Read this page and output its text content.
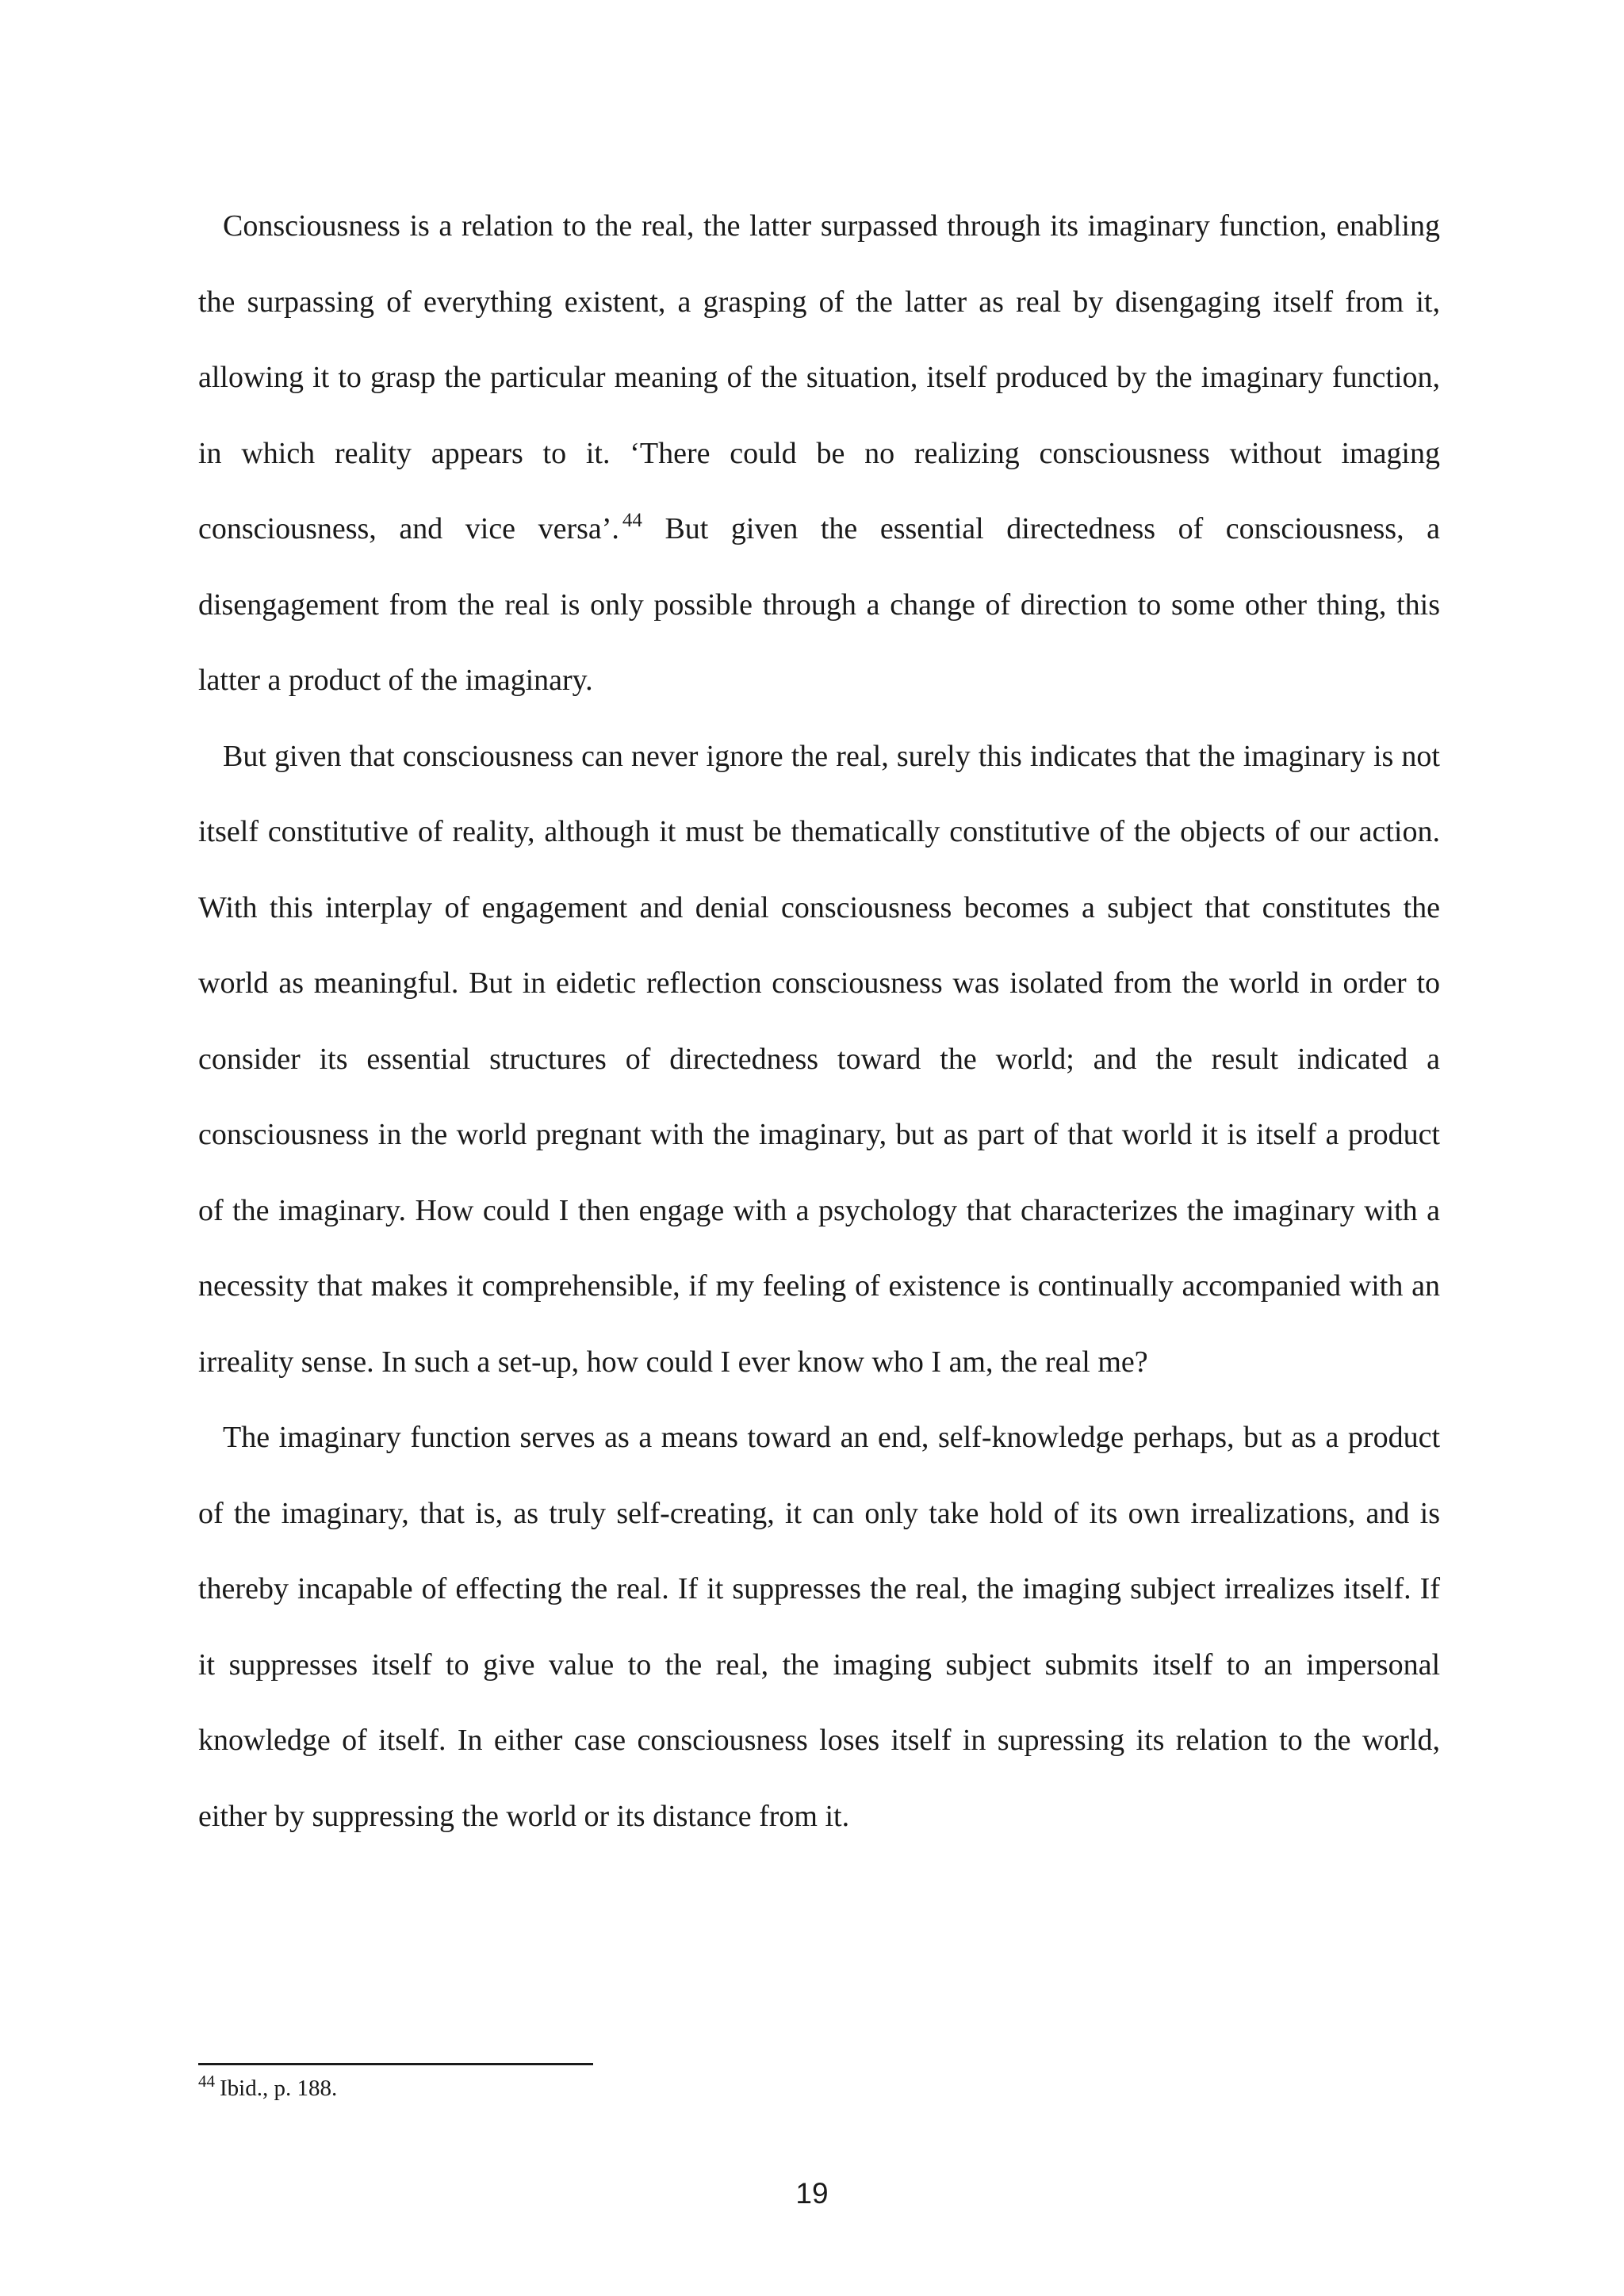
Consciousness is a relation to the real, the latter surpassed through its imaginary function, enabling the surpassing of everything existent, a grasping of the latter as real by disengaging itself from it, allowing it to grasp the particular meaning of the situation, itself produced by the imaginary function, in which reality appears to it. ‘There could be no realizing consciousness without imaging consciousness, and vice versa’. $^{44}$ But given the essential directedness of consciousness, a disengagement from the real is only possible through a change of direction to some other thing, this latter a product of the imaginary.

But given that consciousness can never ignore the real, surely this indicates that the imaginary is not itself constitutive of reality, although it must be thematically constitutive of the objects of our action. With this interplay of engagement and denial consciousness becomes a subject that constitutes the world as meaningful. But in eidetic reflection consciousness was isolated from the world in order to consider its essential structures of directedness toward the world; and the result indicated a consciousness in the world pregnant with the imaginary, but as part of that world it is itself a product of the imaginary. How could I then engage with a psychology that characterizes the imaginary with a necessity that makes it comprehensible, if my feeling of existence is continually accompanied with an irreality sense. In such a set-up, how could I ever know who I am, the real me?

The imaginary function serves as a means toward an end, self-knowledge perhaps, but as a product of the imaginary, that is, as truly self-creating, it can only take hold of its own irrealizations, and is thereby incapable of effecting the real. If it suppresses the real, the imaging subject irrealizes itself. If it suppresses itself to give value to the real, the imaging subject submits itself to an impersonal knowledge of itself. In either case consciousness loses itself in supressing its relation to the world, either by suppressing the world or its distance from it.

$^{44}$ Ibid., p. 188.
19
